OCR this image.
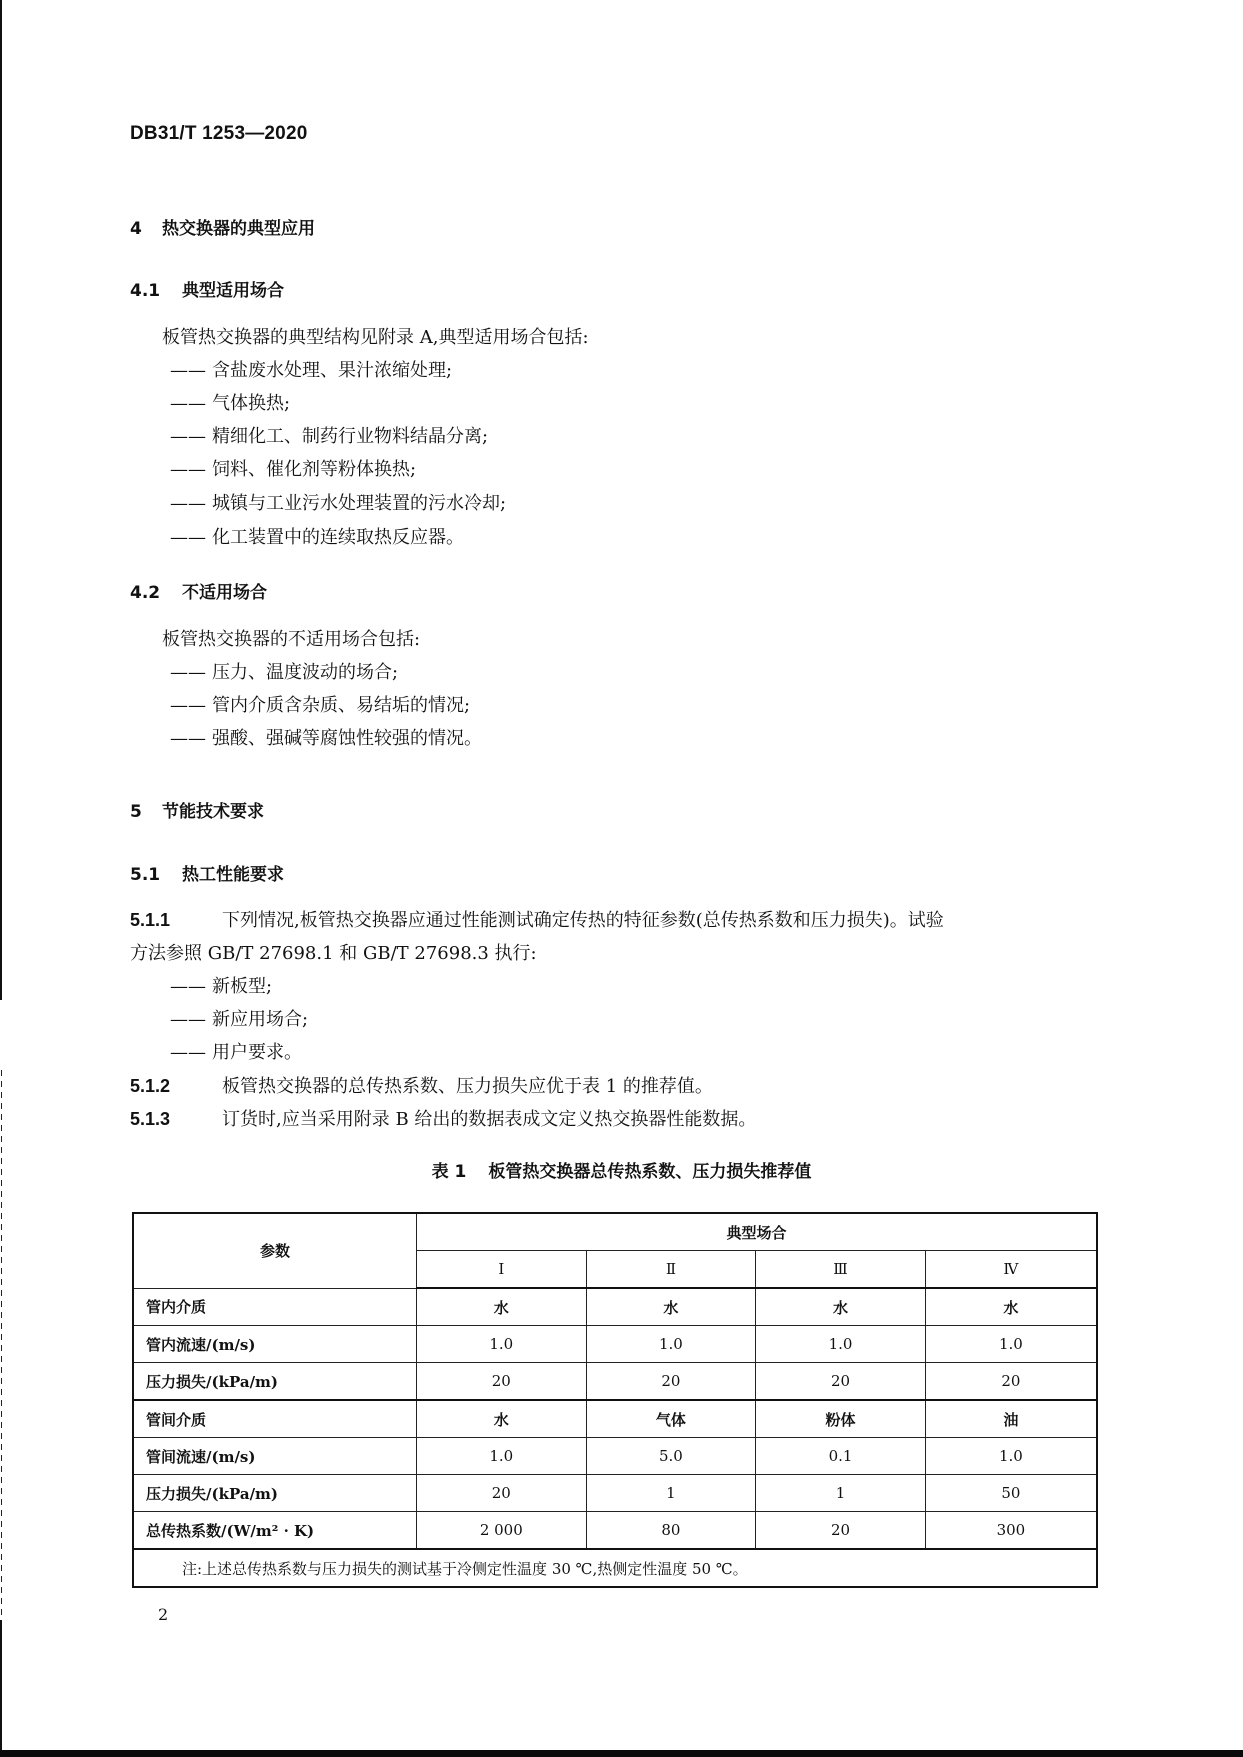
DB31/T 1253—2020
4 热交换器的典型应用
4.1 典型适用场合
板管热交换器的典型结构见附录 A,典型适用场合包括:
—— 含盐废水处理、果汁浓缩处理;
—— 气体换热;
—— 精细化工、制药行业物料结晶分离;
—— 饲料、催化剂等粉体换热;
—— 城镇与工业污水处理装置的污水冷却;
—— 化工装置中的连续取热反应器。
4.2 不适用场合
板管热交换器的不适用场合包括:
—— 压力、温度波动的场合;
—— 管内介质含杂质、易结垢的情况;
—— 强酸、强碱等腐蚀性较强的情况。
5 节能技术要求
5.1 热工性能要求
5.1.1	下列情况,板管热交换器应通过性能测试确定传热的特征参数(总传热系数和压力损失)。试验
方法参照 GB/T 27698.1 和 GB/T 27698.3 执行:
—— 新板型;
—— 新应用场合;
—— 用户要求。
5.1.2	板管热交换器的总传热系数、压力损失应优于表 1 的推荐值。
5.1.3	订货时,应当采用附录 B 给出的数据表成文定义热交换器性能数据。
表 1 板管热交换器总传热系数、压力损失推荐值
参数	典型场合			
	Ⅰ	Ⅱ	Ⅲ	Ⅳ
管内介质	水	水	水	水
管内流速/(m/s)	1.0	1.0	1.0	1.0
压力损失/(kPa/m)	20	20	20	20
管间介质	水	气体	粉体	油
管间流速/(m/s)	1.0	5.0	0.1	1.0
压力损失/(kPa/m)	20	1	1	50
总传热系数/(W/m² · K)	2 000	80	20	300
注:上述总传热系数与压力损失的测试基于冷侧定性温度 30 ℃,热侧定性温度 50 ℃。				
2
